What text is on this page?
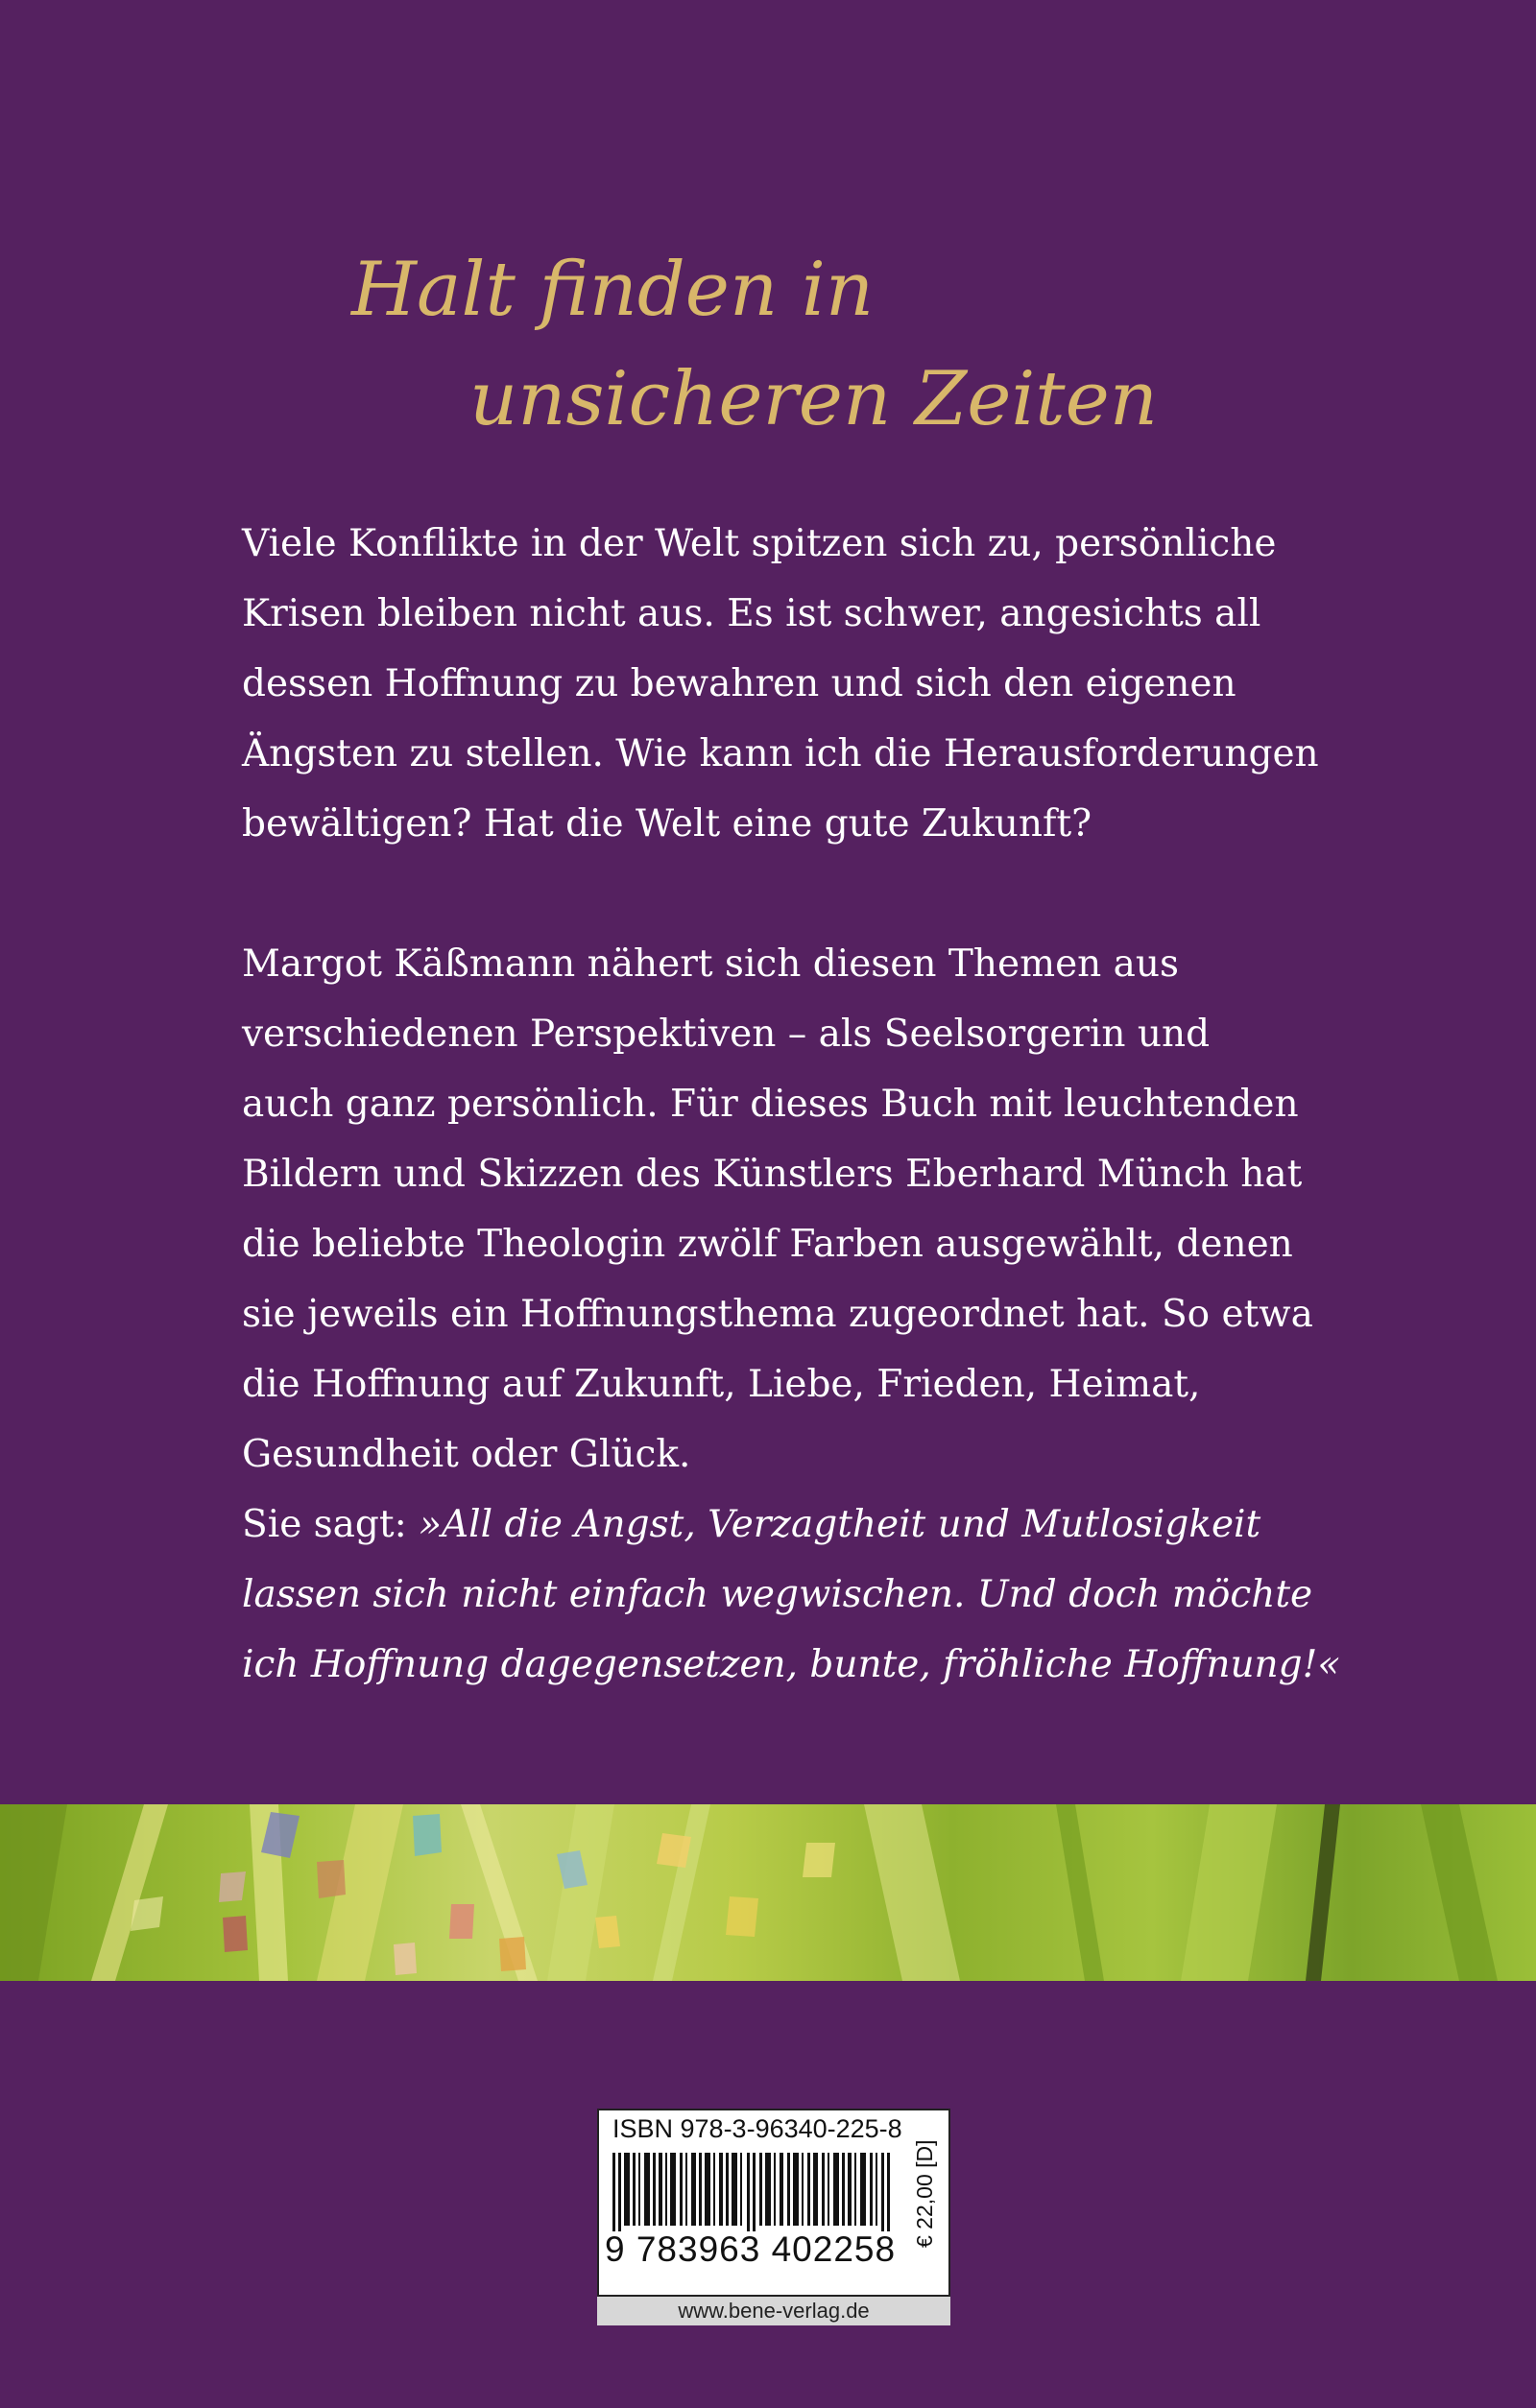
Halt finden in
unsicheren Zeiten

Viele Konflikte in der Welt spitzen sich zu, persönliche
Krisen bleiben nicht aus. Es ist schwer, angesichts all
dessen Hoffnung zu bewahren und sich den eigenen
Ängsten zu stellen. Wie kann ich die Herausforderungen
bewältigen? Hat die Welt eine gute Zukunft?

Margot Käßmann nähert sich diesen Themen aus
verschiedenen Perspektiven – als Seelsorgerin und
auch ganz persönlich. Für dieses Buch mit leuchtenden
Bildern und Skizzen des Künstlers Eberhard Münch hat
die beliebte Theologin zwölf Farben ausgewählt, denen
sie jeweils ein Hoffnungsthema zugeordnet hat. So etwa
die Hoffnung auf Zukunft, Liebe, Frieden, Heimat,
Gesundheit oder Glück.

Sie sagt: »All die Angst, Verzagtheit und Mutlosigkeit
lassen sich nicht einfach wegwischen. Und doch möchte
ich Hoffnung dagegensetzen, bunte, fröhliche Hoffnung!«

ISBN 978-3-96340-225-8
9 783963 402258
€ 22,00 [D]
www.bene-verlag.de
